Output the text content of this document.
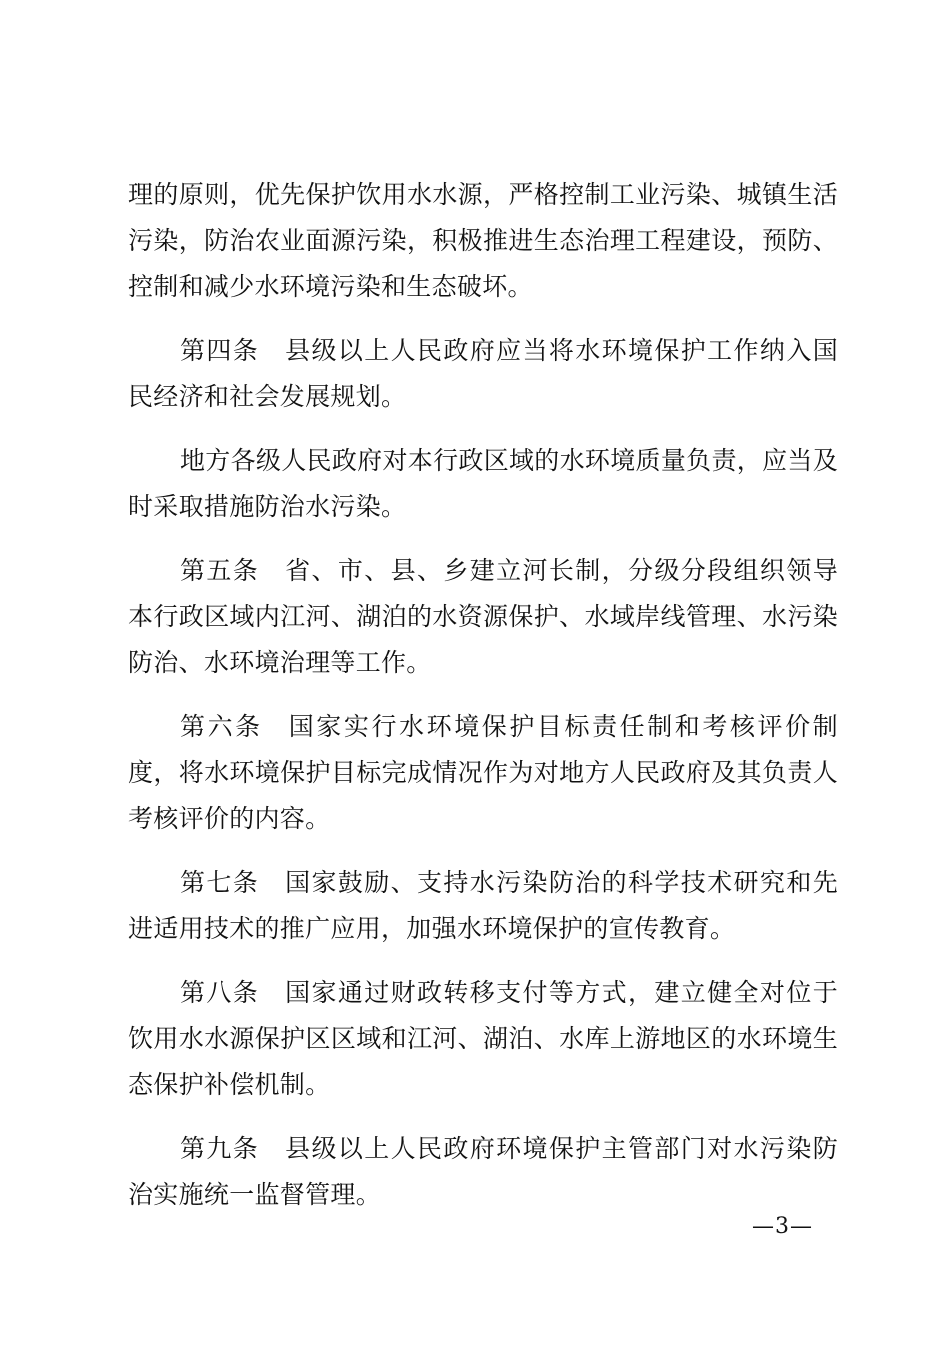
理的原则，优先保护饮用水水源，严格控制工业污染、城镇生活污染，防治农业面源污染，积极推进生态治理工程建设，预防、控制和减少水环境污染和生态破坏。

第四条 县级以上人民政府应当将水环境保护工作纳入国民经济和社会发展规划。

地方各级人民政府对本行政区域的水环境质量负责，应当及时采取措施防治水污染。

第五条 省、市、县、乡建立河长制，分级分段组织领导本行政区域内江河、湖泊的水资源保护、水域岸线管理、水污染防治、水环境治理等工作。

第六条 国家实行水环境保护目标责任制和考核评价制度，将水环境保护目标完成情况作为对地方人民政府及其负责人考核评价的内容。

第七条 国家鼓励、支持水污染防治的科学技术研究和先进适用技术的推广应用，加强水环境保护的宣传教育。

第八条 国家通过财政转移支付等方式，建立健全对位于饮用水水源保护区区域和江河、湖泊、水库上游地区的水环境生态保护补偿机制。

第九条 县级以上人民政府环境保护主管部门对水污染防治实施统一监督管理。

—3—
